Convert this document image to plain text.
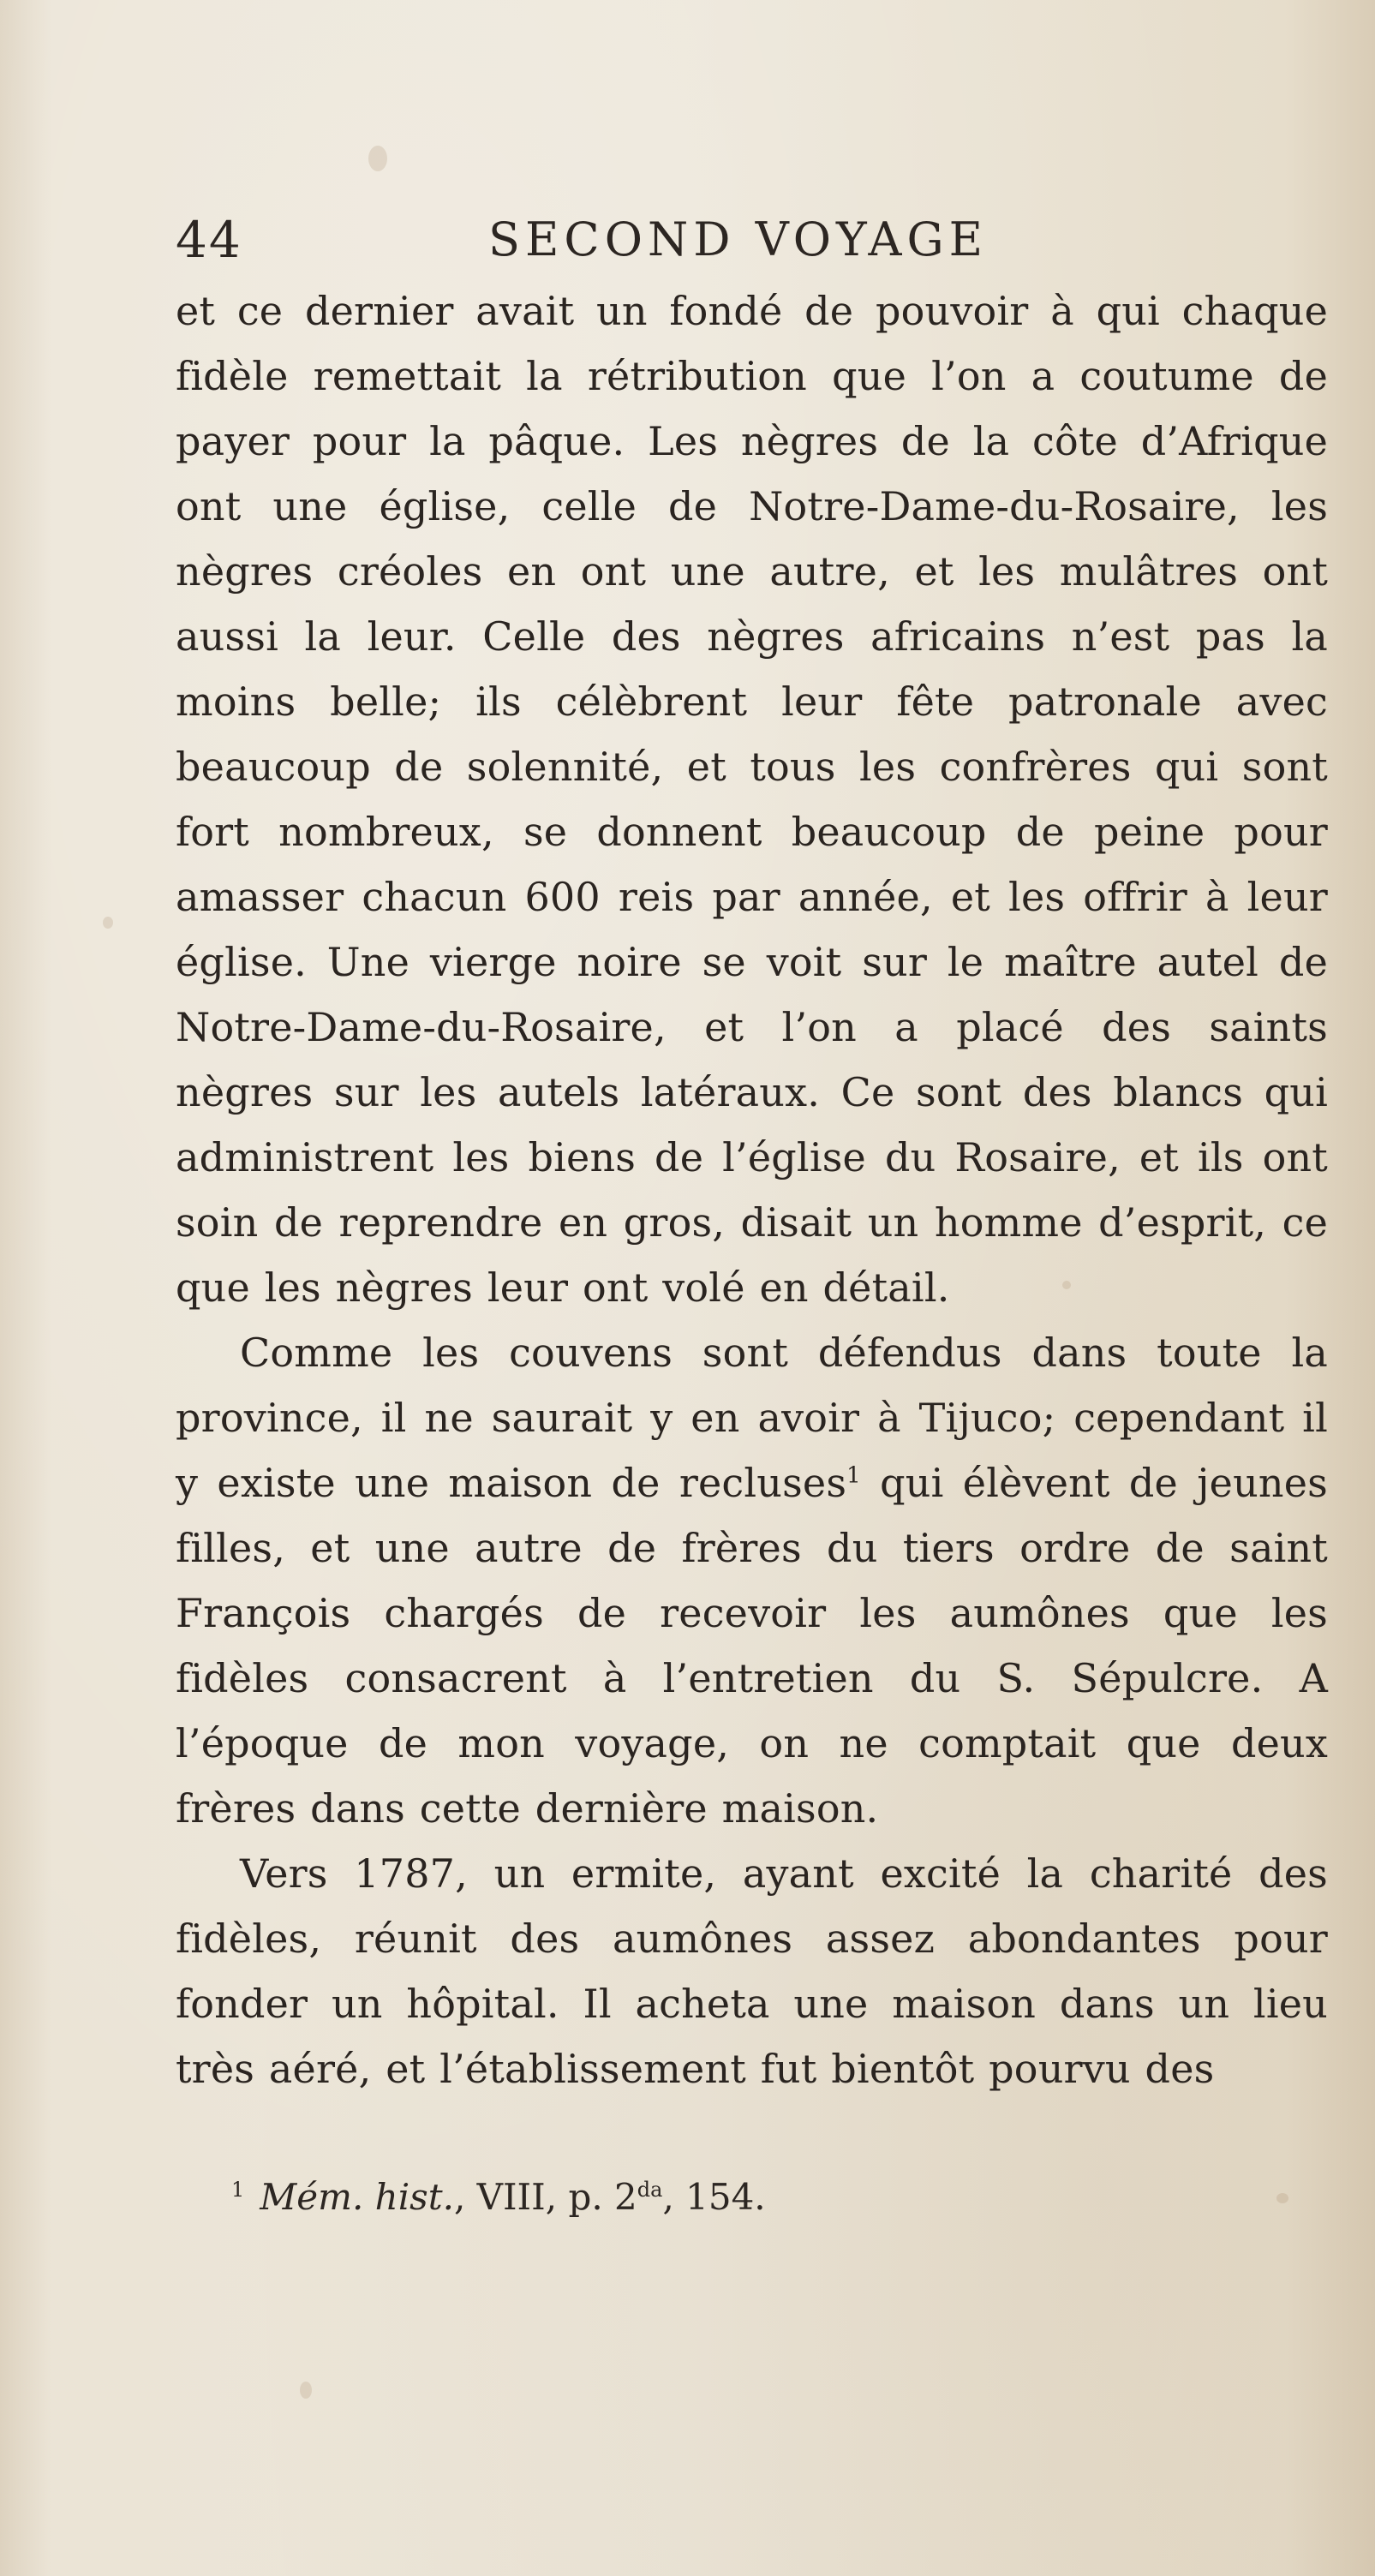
44	SECOND VOYAGE

et ce dernier avait un fondé de pouvoir à qui chaque fidèle remettait la rétribution que l’on a coutume de payer pour la pâque. Les nègres de la côte d’Afrique ont une église, celle de Notre-Dame-du-Rosaire, les nègres créoles en ont une autre, et les mulâtres ont aussi la leur. Celle des nègres africains n’est pas la moins belle; ils célèbrent leur fête patronale avec beaucoup de solennité, et tous les confrères qui sont fort nombreux, se donnent beaucoup de peine pour amasser chacun 600 reis par année, et les offrir à leur église. Une vierge noire se voit sur le maître autel de Notre-Dame-du-Rosaire, et l’on a placé des saints nègres sur les autels latéraux. Ce sont des blancs qui administrent les biens de l’église du Rosaire, et ils ont soin de reprendre en gros, disait un homme d’esprit, ce que les nègres leur ont volé en détail.

Comme les couvens sont défendus dans toute la province, il ne saurait y en avoir à Tijuco; cependant il y existe une maison de recluses$^1$ qui élèvent de jeunes filles, et une autre de frères du tiers ordre de saint François chargés de recevoir les aumônes que les fidèles consacrent à l’entretien du S. Sépulcre. A l’époque de mon voyage, on ne comptait que deux frères dans cette dernière maison.

Vers 1787, un ermite, ayant excité la charité des fidèles, réunit des aumônes assez abondantes pour fonder un hôpital. Il acheta une maison dans un lieu très aéré, et l’établissement fut bientôt pourvu des

$^1$ Mém. hist., VIII, p. $2^{da}$, 154.
